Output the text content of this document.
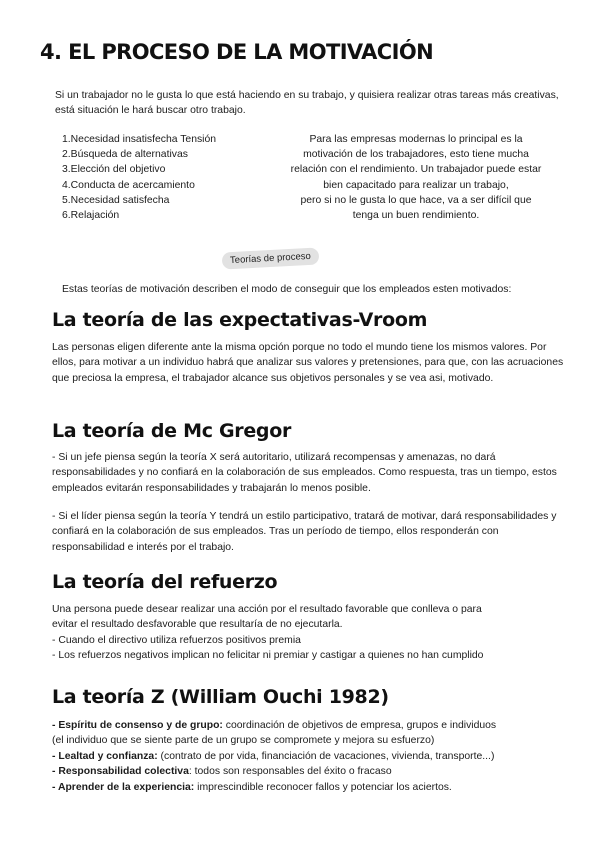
4. EL PROCESO DE LA MOTIVACIÓN

Si un trabajador no le gusta lo que está haciendo en su trabajo, y quisiera realizar otras tareas más creativas, está situación le hará buscar otro trabajo.

1.Necesidad insatisfecha Tensión
2.Búsqueda de alternativas
3.Elección del objetivo
4.Conducta de acercamiento
5.Necesidad satisfecha
6.Relajación
Para las empresas modernas lo principal es la
motivación de los trabajadores, esto tiene mucha
relación con el rendimiento. Un trabajador puede estar
bien capacitado para realizar un trabajo,
pero si no le gusta lo que hace, va a ser difícil que
tenga un buen rendimiento.
Teorías de proceso

Estas teorías de motivación describen el modo de conseguir que los empleados esten motivados:

La teoría de las expectativas-Vroom

Las personas eligen diferente ante la misma opción porque no todo el mundo tiene los mismos valores. Por ellos, para motivar a un individuo habrá que analizar sus valores y pretensiones, para que, con las acruaciones que preciosa la empresa, el trabajador alcance sus objetivos personales y se vea asi, motivado.

La teoría de Mc Gregor

- Si un jefe piensa según la teoría X será autoritario, utilizará recompensas y amenazas, no dará responsabilidades y no confiará en la colaboración de sus empleados. Como respuesta, tras un tiempo, estos empleados evitarán responsabilidades y trabajarán lo menos posible.

- Si el líder piensa según la teoría Y tendrá un estilo participativo, tratará de motivar, dará responsabilidades y confiará en la colaboración de sus empleados. Tras un período de tiempo, ellos responderán con responsabilidad e interés por el trabajo.

La teoría del refuerzo
Una persona puede desear realizar una acción por el resultado favorable que conlleva o para
evitar el resultado desfavorable que resultaría de no ejecutarla.
- Cuando el directivo utiliza refuerzos positivos premia
- Los refuerzos negativos implican no felicitar ni premiar y castigar a quienes no han cumplido
La teoría Z (William Ouchi 1982)
- Espíritu de consenso y de grupo: coordinación de objetivos de empresa, grupos e individuos
(el individuo que se siente parte de un grupo se compromete y mejora su esfuerzo)
- Lealtad y confianza: (contrato de por vida, financiación de vacaciones, vivienda, transporte...)
- Responsabilidad colectiva: todos son responsables del éxito o fracaso
- Aprender de la experiencia: imprescindible reconocer fallos y potenciar los aciertos.
